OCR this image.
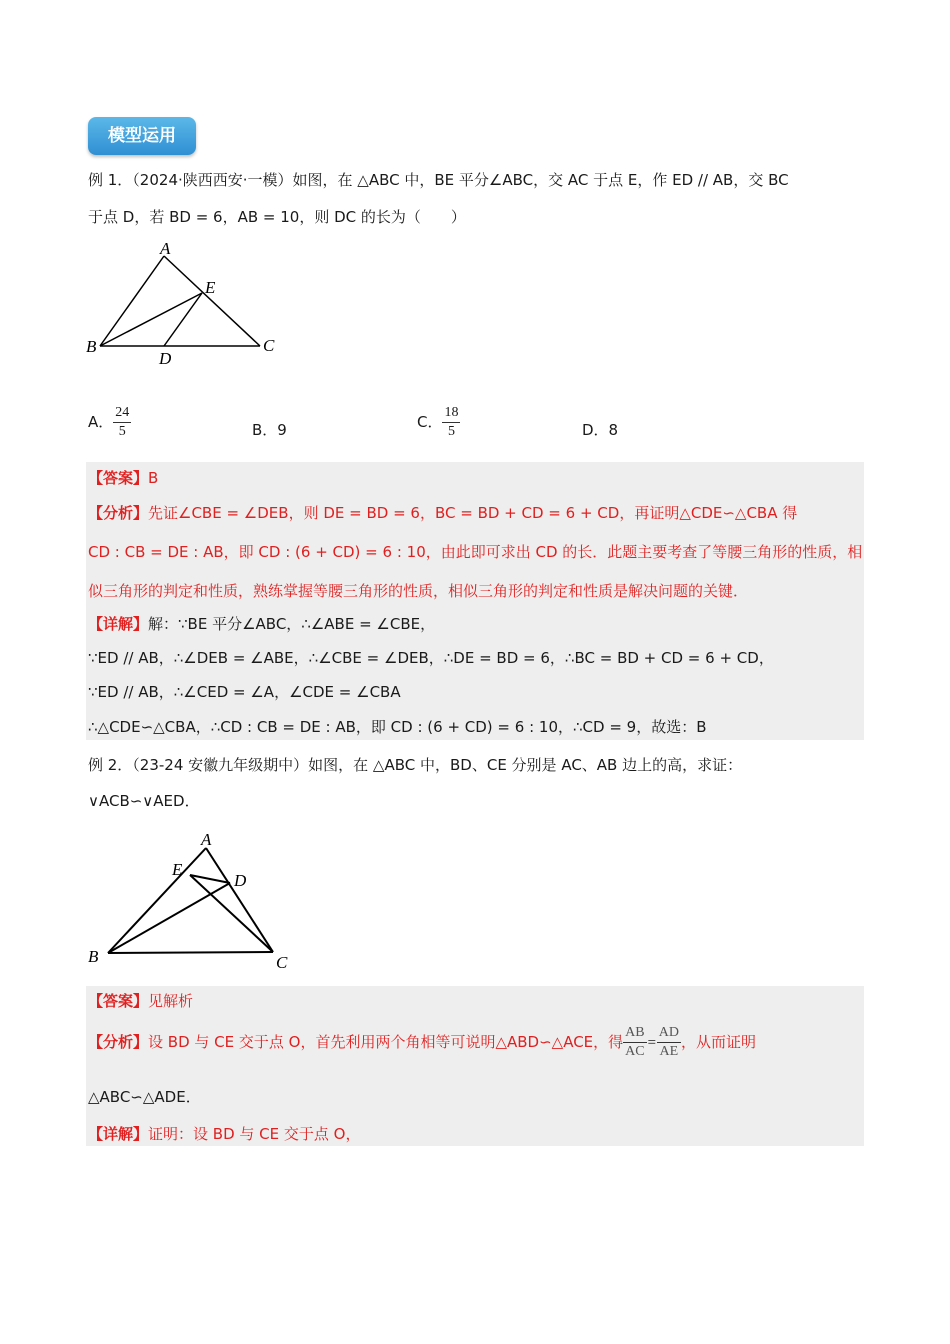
模型运用
例 1．（2024·陕西西安·一模）如图，在 △ABC 中，BE 平分∠ABC，交 AC 于点 E，作 ED // AB，交 BC
于点 D，若 BD = 6，AB = 10，则 DC 的长为（　　）
A
E
B
D
C
A． $\frac{24}{5}$	B．9	C． $\frac{18}{5}$	D．8
【答案】B
【分析】先证∠CBE = ∠DEB，则 DE = BD = 6，BC = BD + CD = 6 + CD，再证明△CDE∽△CBA 得
CD : CB = DE : AB，即 CD : (6 + CD) = 6 : 10，由此即可求出 CD 的长．此题主要考查了等腰三角形的性质，相
似三角形的判定和性质，熟练掌握等腰三角形的性质，相似三角形的判定和性质是解决问题的关键．
【详解】解：∵BE 平分∠ABC，∴∠ABE = ∠CBE，
∵ED // AB，∴∠DEB = ∠ABE，∴∠CBE = ∠DEB，∴DE = BD = 6，∴BC = BD + CD = 6 + CD，
∵ED // AB，∴∠CED = ∠A，∠CDE = ∠CBA
∴△CDE∽△CBA，∴CD : CB = DE : AB，即 CD : (6 + CD) = 6 : 10，∴CD = 9，故选：B
例 2．（23-24 安徽九年级期中）如图，在 △ABC 中，BD、CE 分别是 AC、AB 边上的高，求证：
∨ACB∽∨AED．
A
E
D
B	C
【答案】见解析
【分析】设 BD 与 CE 交于点 O，首先利用两个角相等可说明△ABD∽△ACE，得 $\frac{AB}{AC} = \frac{AD}{AE}$ ，从而证明
△ABC∽△ADE．
【详解】证明：设 BD 与 CE 交于点 O，
